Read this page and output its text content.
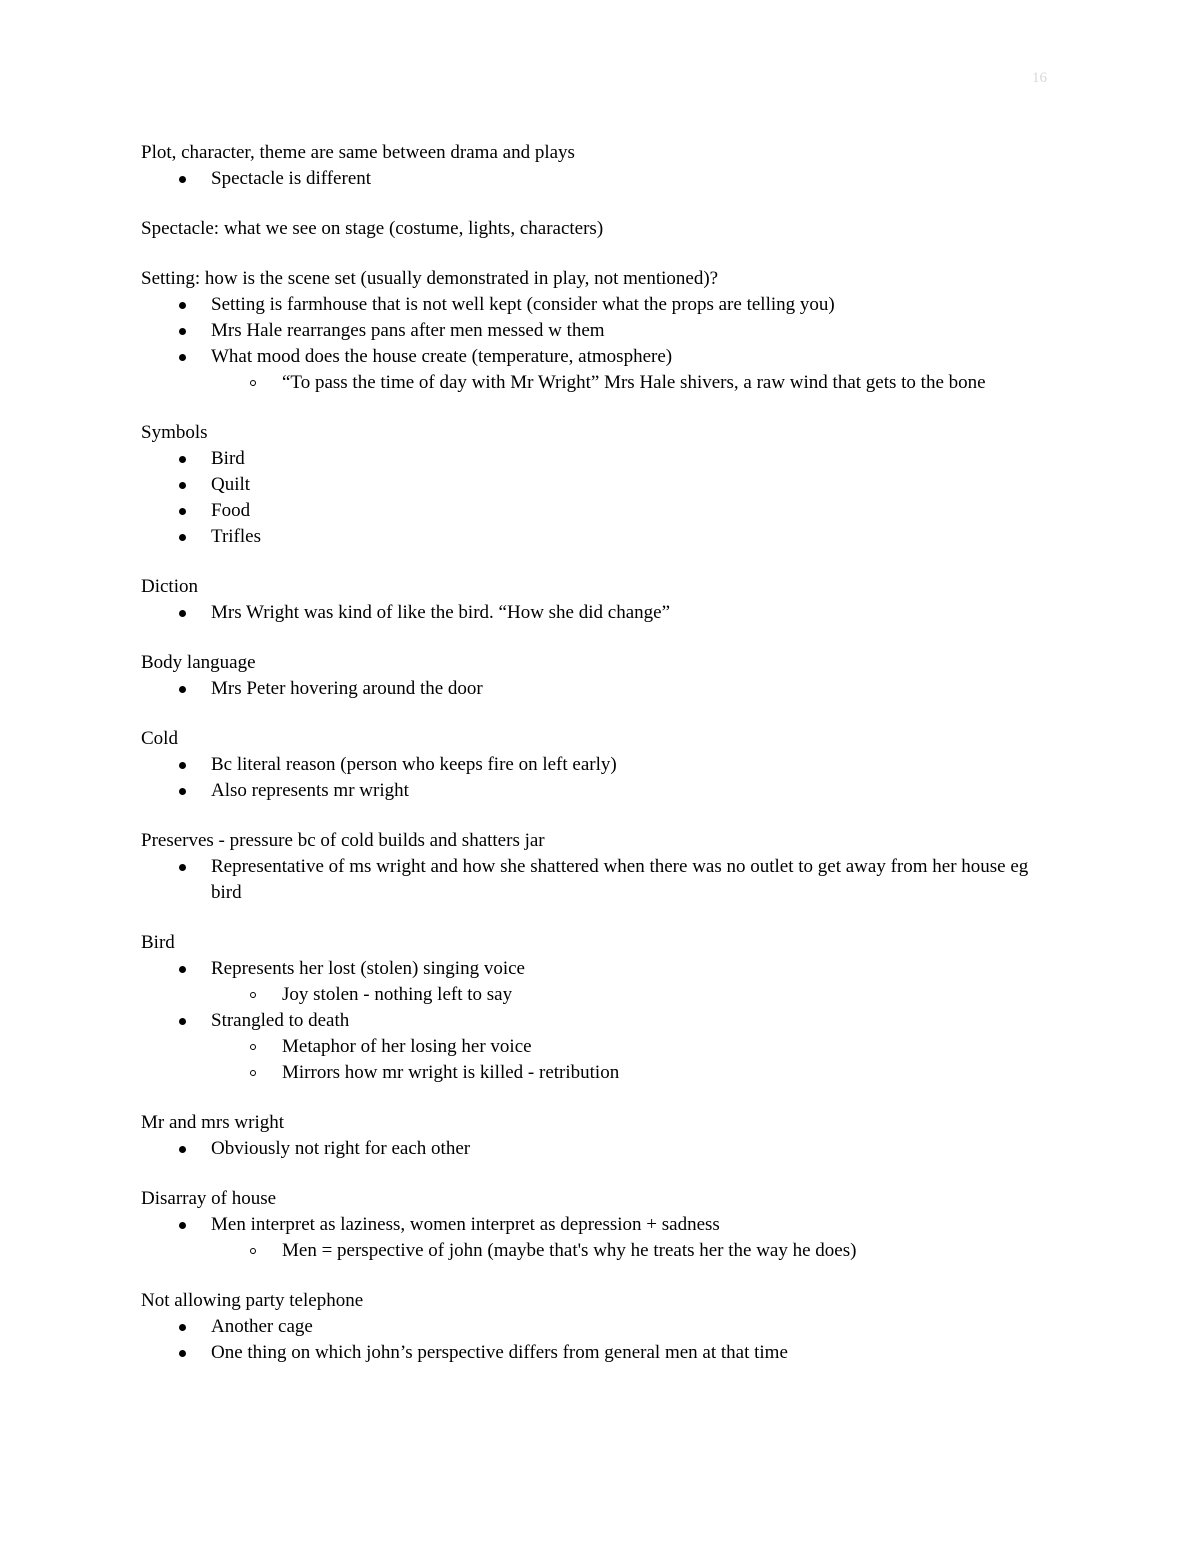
16
Plot, character, theme are same between drama and plays
Spectacle is different
Spectacle: what we see on stage (costume, lights, characters)
Setting: how is the scene set (usually demonstrated in play, not mentioned)?
Setting is farmhouse that is not well kept (consider what the props are telling you)
Mrs Hale rearranges pans after men messed w them
What mood does the house create (temperature, atmosphere)
“To pass the time of day with Mr Wright” Mrs Hale shivers, a raw wind that gets to the bone
Symbols
Bird
Quilt
Food
Trifles
Diction
Mrs Wright was kind of like the bird. “How she did change”
Body language
Mrs Peter hovering around the door
Cold
Bc literal reason (person who keeps fire on left early)
Also represents mr wright
Preserves - pressure bc of cold builds and shatters jar
Representative of ms wright and how she shattered when there was no outlet to get away from her house eg bird
Bird
Represents her lost (stolen) singing voice
Joy stolen - nothing left to say
Strangled to death
Metaphor of her losing her voice
Mirrors how mr wright is killed - retribution
Mr and mrs wright
Obviously not right for each other
Disarray of house
Men interpret as laziness, women interpret as depression + sadness
Men = perspective of john (maybe that's why he treats her the way he does)
Not allowing party telephone
Another cage
One thing on which john’s perspective differs from general men at that time
